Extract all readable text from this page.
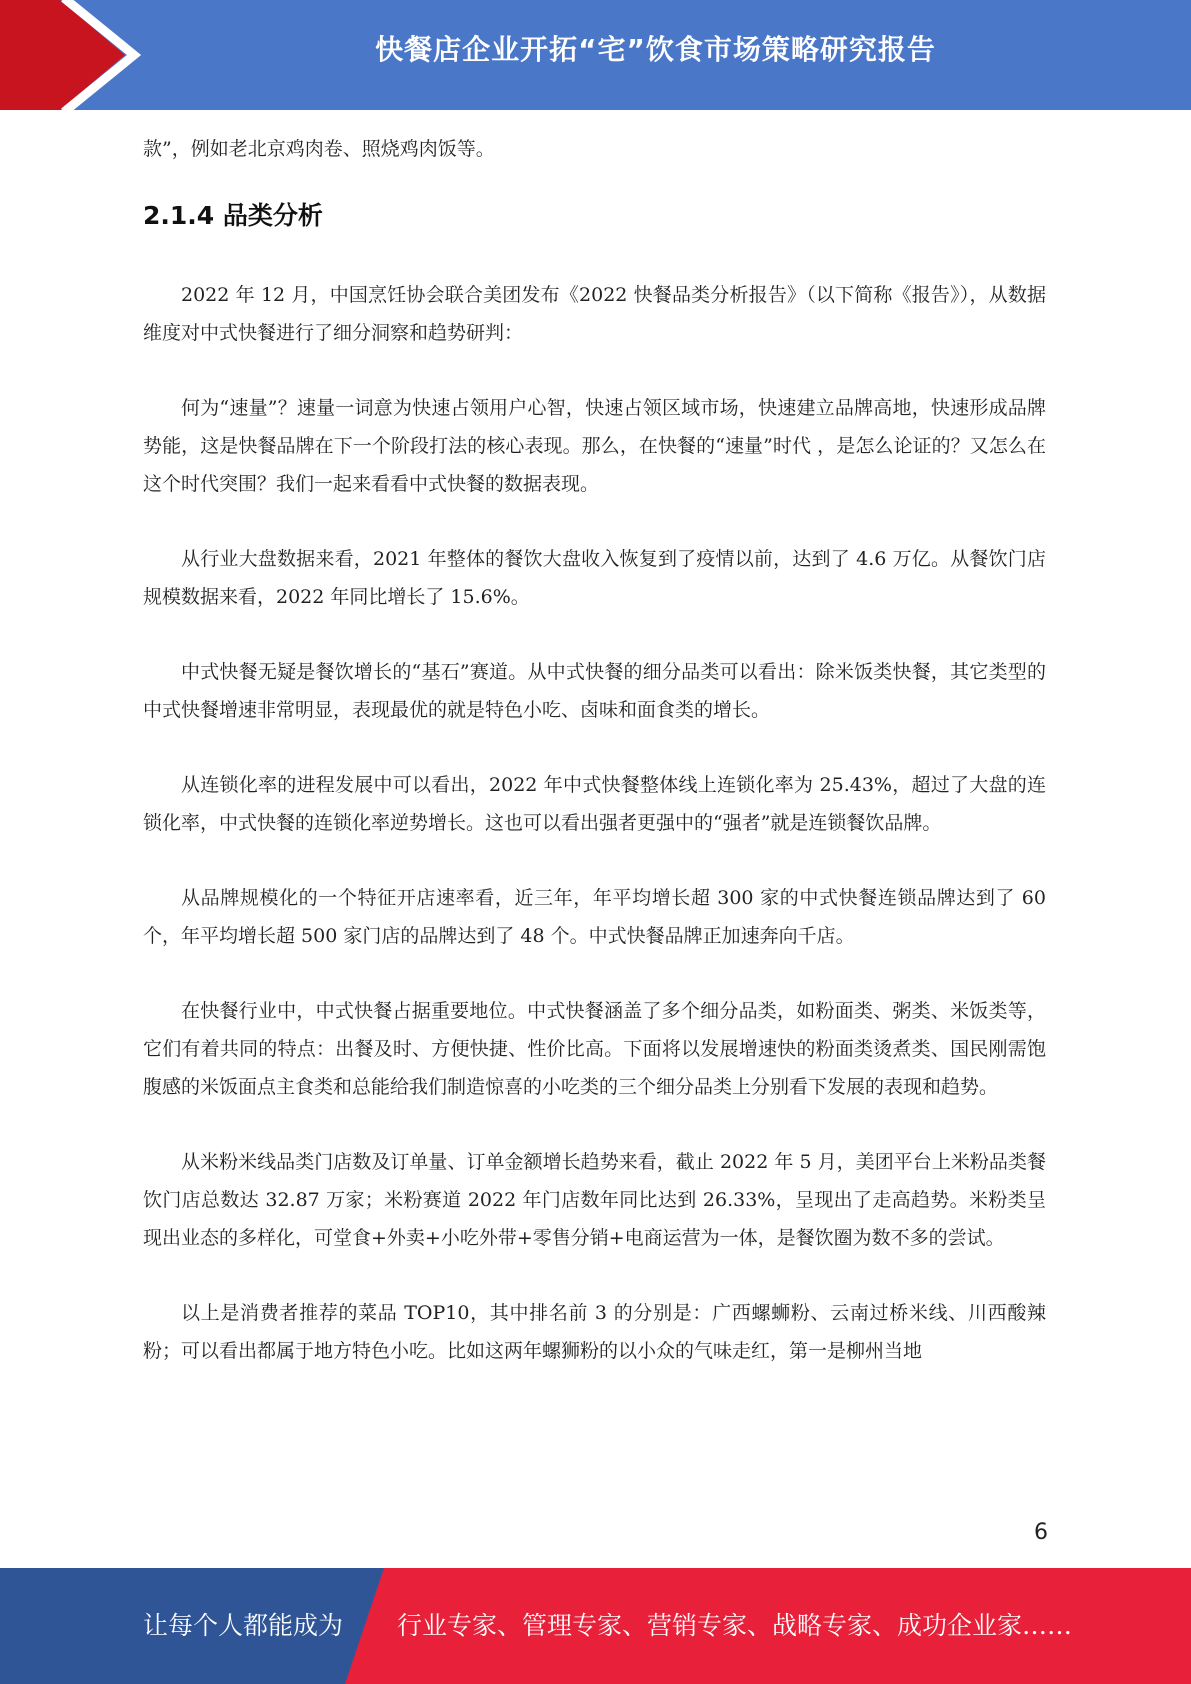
快餐店企业开拓“宅”饮食市场策略研究报告

款”，例如老北京鸡肉卷、照烧鸡肉饭等。

2.1.4 品类分析

2022 年 12 月，中国烹饪协会联合美团发布《2022 快餐品类分析报告》（以下简称《报告》），从数据维度对中式快餐进行了细分洞察和趋势研判：

何为“速量”？速量一词意为快速占领用户心智，快速占领区域市场，快速建立品牌高地，快速形成品牌势能，这是快餐品牌在下一个阶段打法的核心表现。那么，在快餐的“速量”时代 ，是怎么论证的？又怎么在这个时代突围？我们一起来看看中式快餐的数据表现。

从行业大盘数据来看，2021 年整体的餐饮大盘收入恢复到了疫情以前，达到了 4.6 万亿。从餐饮门店规模数据来看，2022 年同比增长了 15.6%。

中式快餐无疑是餐饮增长的“基石”赛道。从中式快餐的细分品类可以看出：除米饭类快餐，其它类型的中式快餐增速非常明显，表现最优的就是特色小吃、卤味和面食类的增长。

从连锁化率的进程发展中可以看出，2022 年中式快餐整体线上连锁化率为 25.43%，超过了大盘的连锁化率，中式快餐的连锁化率逆势增长。这也可以看出强者更强中的“强者”就是连锁餐饮品牌。

从品牌规模化的一个特征开店速率看，近三年，年平均增长超 300 家的中式快餐连锁品牌达到了 60 个，年平均增长超 500 家门店的品牌达到了 48 个。中式快餐品牌正加速奔向千店。

在快餐行业中，中式快餐占据重要地位。中式快餐涵盖了多个细分品类，如粉面类、粥类、米饭类等，它们有着共同的特点：出餐及时、方便快捷、性价比高。下面将以发展增速快的粉面类烫煮类、国民刚需饱腹感的米饭面点主食类和总能给我们制造惊喜的小吃类的三个细分品类上分别看下发展的表现和趋势。

从米粉米线品类门店数及订单量、订单金额增长趋势来看，截止 2022 年 5 月，美团平台上米粉品类餐饮门店总数达 32.87 万家；米粉赛道 2022 年门店数年同比达到 26.33%，呈现出了走高趋势。米粉类呈现出业态的多样化，可堂食+外卖+小吃外带+零售分销+电商运营为一体，是餐饮圈为数不多的尝试。

以上是消费者推荐的菜品 TOP10，其中排名前 3 的分别是：广西螺蛳粉、云南过桥米线、川西酸辣粉；可以看出都属于地方特色小吃。比如这两年螺狮粉的以小众的气味走红，第一是柳州当地

6
让每个人都能成为 行业专家、管理专家、营销专家、战略专家、成功企业家……
